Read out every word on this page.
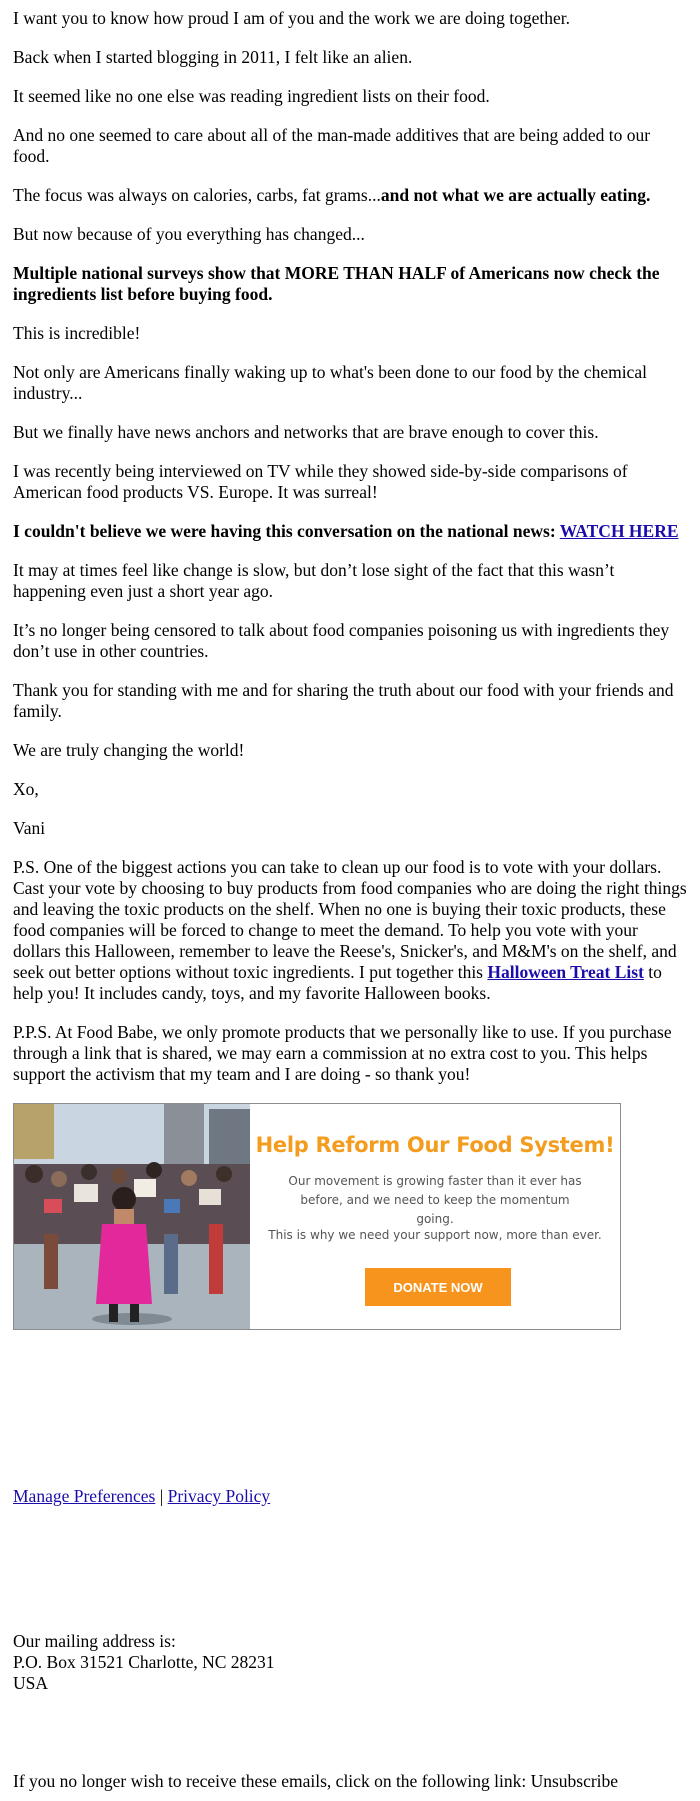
I want you to know how proud I am of you and the work we are doing together.

Back when I started blogging in 2011, I felt like an alien.

It seemed like no one else was reading ingredient lists on their food.

And no one seemed to care about all of the man-made additives that are being added to our food.

The focus was always on calories, carbs, fat grams...and not what we are actually eating.

But now because of you everything has changed...

Multiple national surveys show that MORE THAN HALF of Americans now check the ingredients list before buying food.

This is incredible!

Not only are Americans finally waking up to what's been done to our food by the chemical industry...

But we finally have news anchors and networks that are brave enough to cover this.

I was recently being interviewed on TV while they showed side-by-side comparisons of American food products VS. Europe. It was surreal!

I couldn't believe we were having this conversation on the national news: WATCH HERE

It may at times feel like change is slow, but don’t lose sight of the fact that this wasn’t happening even just a short year ago.

It’s no longer being censored to talk about food companies poisoning us with ingredients they don’t use in other countries.

Thank you for standing with me and for sharing the truth about our food with your friends and family.

We are truly changing the world!

Xo,

Vani

P.S. One of the biggest actions you can take to clean up our food is to vote with your dollars. Cast your vote by choosing to buy products from food companies who are doing the right things and leaving the toxic products on the shelf. When no one is buying their toxic products, these food companies will be forced to change to meet the demand. To help you vote with your dollars this Halloween, remember to leave the Reese's, Snicker's, and M&M's on the shelf, and seek out better options without toxic ingredients. I put together this Halloween Treat List to help you! It includes candy, toys, and my favorite Halloween books.

P.P.S. At Food Babe, we only promote products that we personally like to use. If you purchase through a link that is shared, we may earn a commission at no extra cost to you. This helps support the activism that my team and I are doing - so thank you!

Help Reform Our Food System!
Our movement is growing faster than it ever has before, and we need to keep the momentum going.
This is why we need your support now, more than ever.
DONATE NOW
Manage Preferences | Privacy Policy
Our mailing address is:
P.O. Box 31521 Charlotte, NC 28231
USA
If you no longer wish to receive these emails, click on the following link: Unsubscribe
